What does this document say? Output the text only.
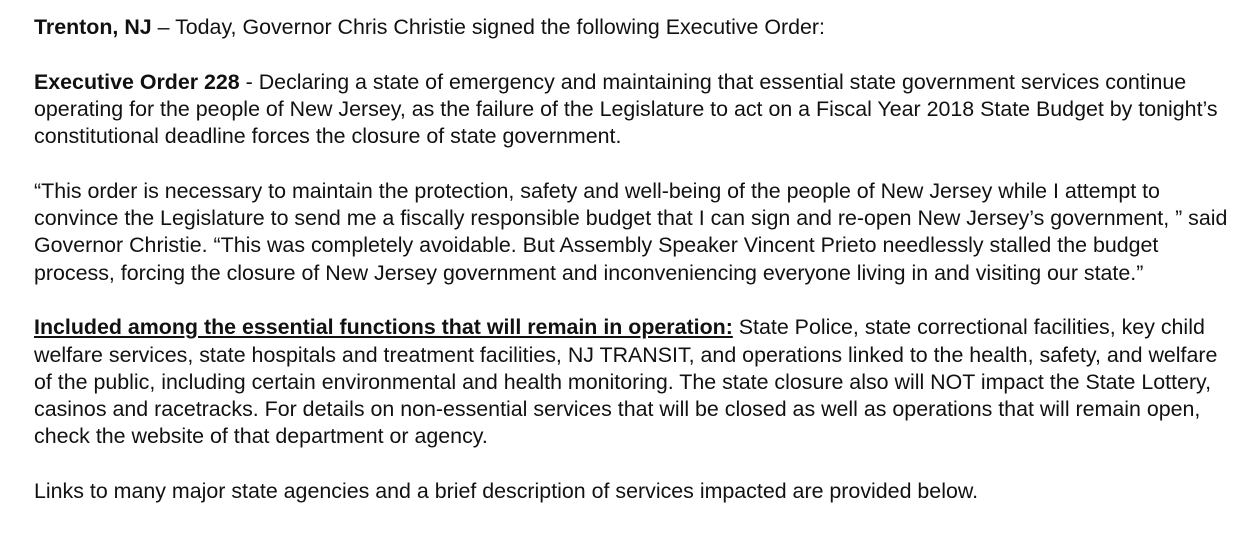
Trenton, NJ – Today, Governor Chris Christie signed the following Executive Order:

Executive Order 228 - Declaring a state of emergency and maintaining that essential state government services continue operating for the people of New Jersey, as the failure of the Legislature to act on a Fiscal Year 2018 State Budget by tonight’s constitutional deadline forces the closure of state government.

“This order is necessary to maintain the protection, safety and well-being of the people of New Jersey while I attempt to convince the Legislature to send me a fiscally responsible budget that I can sign and re-open New Jersey’s government, ” said Governor Christie. “This was completely avoidable. But Assembly Speaker Vincent Prieto needlessly stalled the budget process, forcing the closure of New Jersey government and inconveniencing everyone living in and visiting our state.”

Included among the essential functions that will remain in operation: State Police, state correctional facilities, key child welfare services, state hospitals and treatment facilities, NJ TRANSIT, and operations linked to the health, safety, and welfare of the public, including certain environmental and health monitoring. The state closure also will NOT impact the State Lottery, casinos and racetracks. For details on non-essential services that will be closed as well as operations that will remain open, check the website of that department or agency.

Links to many major state agencies and a brief description of services impacted are provided below.
